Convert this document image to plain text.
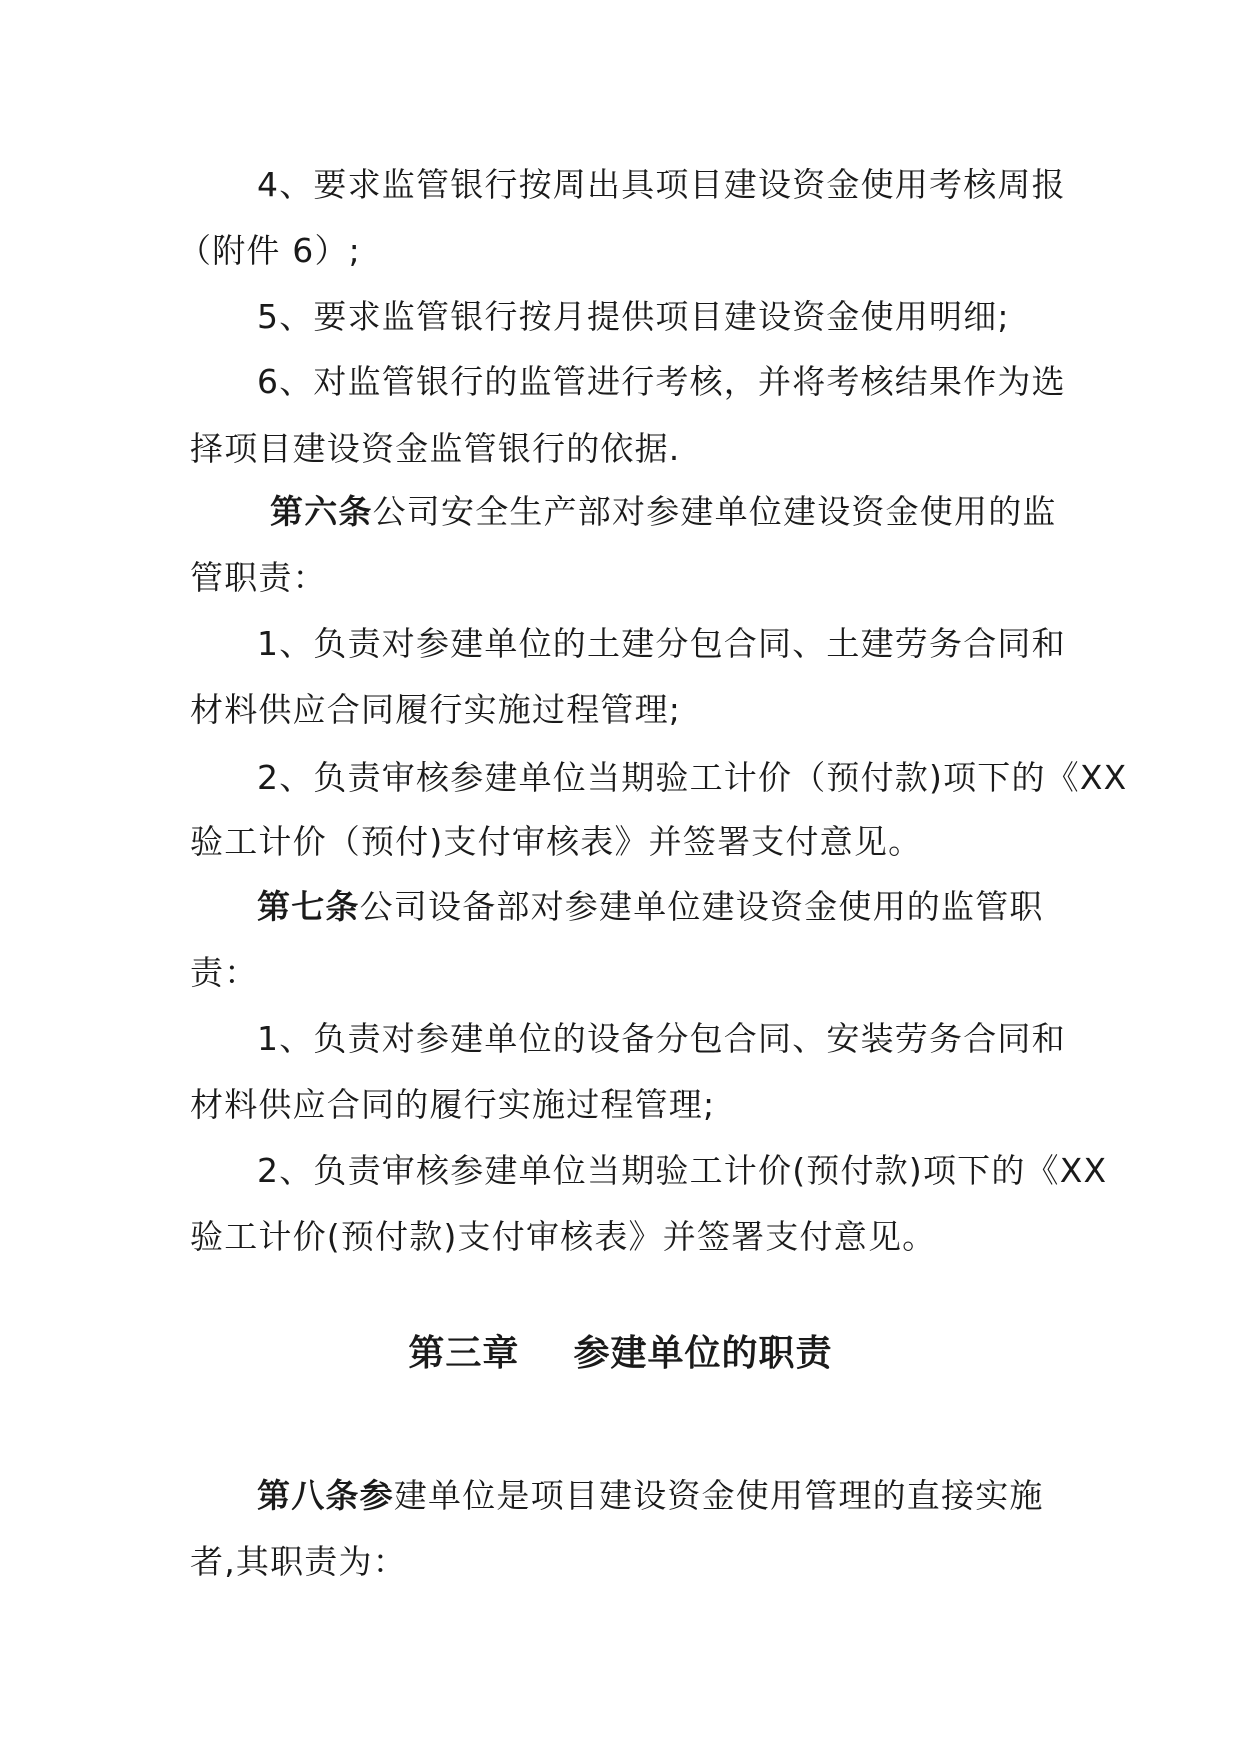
4、要求监管银行按周出具项目建设资金使用考核周报
（附件 6）;
5、要求监管银行按月提供项目建设资金使用明细;
6、对监管银行的监管进行考核，并将考核结果作为选
择项目建设资金监管银行的依据.
第六条公司安全生产部对参建单位建设资金使用的监
管职责：
1、负责对参建单位的土建分包合同、土建劳务合同和
材料供应合同履行实施过程管理;
2、负责审核参建单位当期验工计价（预付款)项下的《XX
验工计价（预付)支付审核表》并签署支付意见。
第七条公司设备部对参建单位建设资金使用的监管职
责：
1、负责对参建单位的设备分包合同、安装劳务合同和
材料供应合同的履行实施过程管理;
2、负责审核参建单位当期验工计价(预付款)项下的《XX
验工计价(预付款)支付审核表》并签署支付意见。
第三章    参建单位的职责
第八条参建单位是项目建设资金使用管理的直接实施
者,其职责为：
